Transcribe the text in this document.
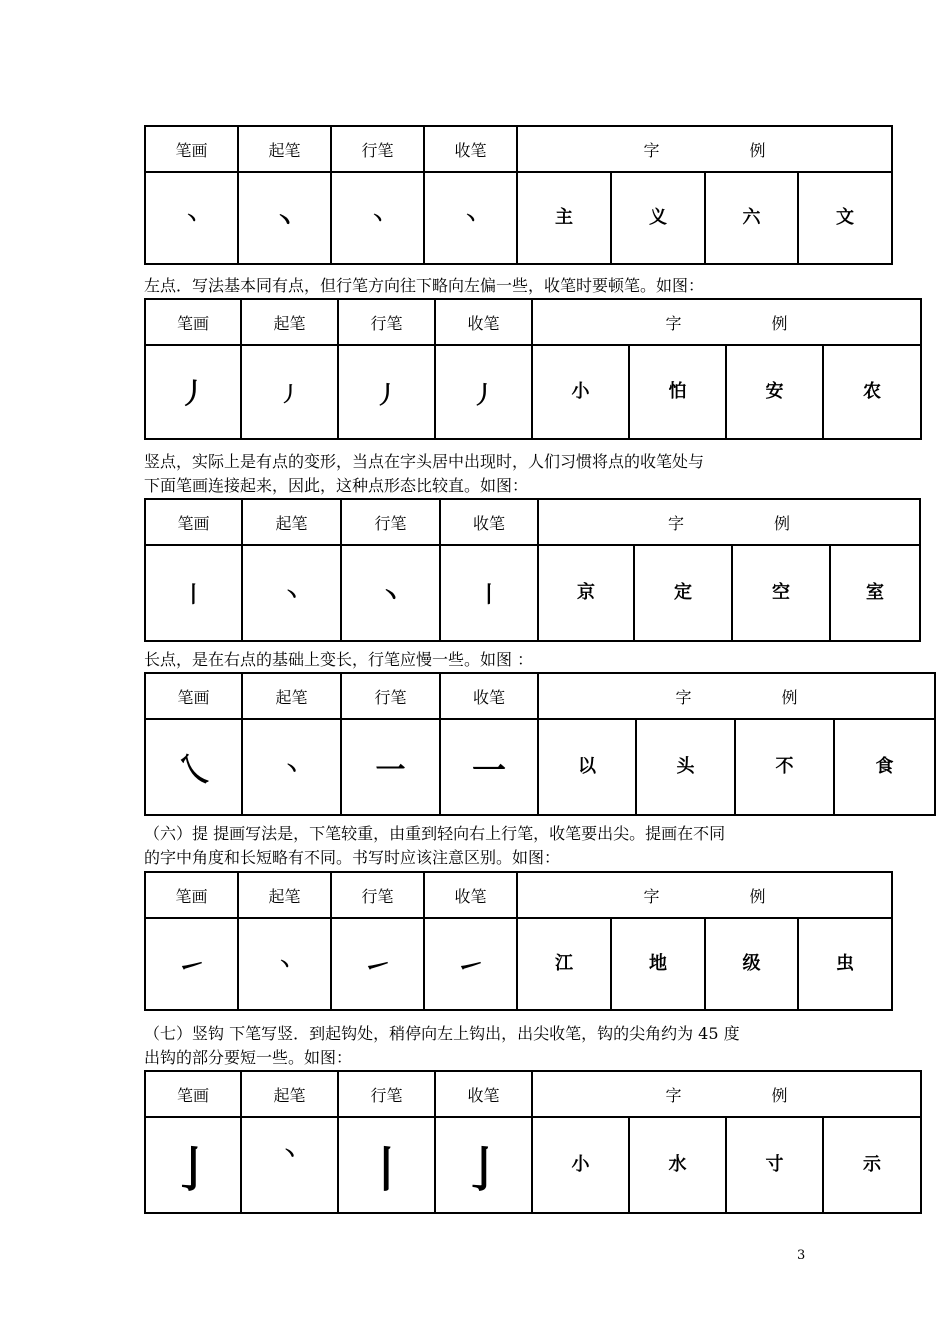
笔画	起笔	行笔	收笔	字 例			
丶	丶	丶	丶	主	义	六	文
左点．写法基本同有点，但行笔方向往下略向左偏一些，收笔时要顿笔。如图：
笔画	起笔	行笔	收笔	字 例			
丿	丿	丿	丿	小	怕	安	农
竖点，实际上是有点的变形，当点在字头居中出现时，人们习惯将点的收笔处与
下面笔画连接起来，因此，这种点形态比较直。如图：
笔画	起笔	行笔	收笔	字 例			
丨	丶	丶	丨	京	定	空	室
长点，是在右点的基础上变长，行笔应慢一些。如图 ：
笔画	起笔	行笔	收笔	字 例			
乀	丶	一	一	以	头	不	食
（六）提 提画写法是，下笔较重，由重到轻向右上行笔，收笔要出尖。提画在不同
的字中角度和长短略有不同。书写时应该注意区别。如图：
笔画	起笔	行笔	收笔	字 例			
㇀	丶	㇀	㇀	江	地	级	虫
（七）竖钩 下笔写竖．到起钩处，稍停向左上钩出，出尖收笔，钩的尖角约为 45 度
出钩的部分要短一些。如图：
笔画	起笔	行笔	收笔	字 例			
亅	丶	丨	亅	小	水	寸	示
3
